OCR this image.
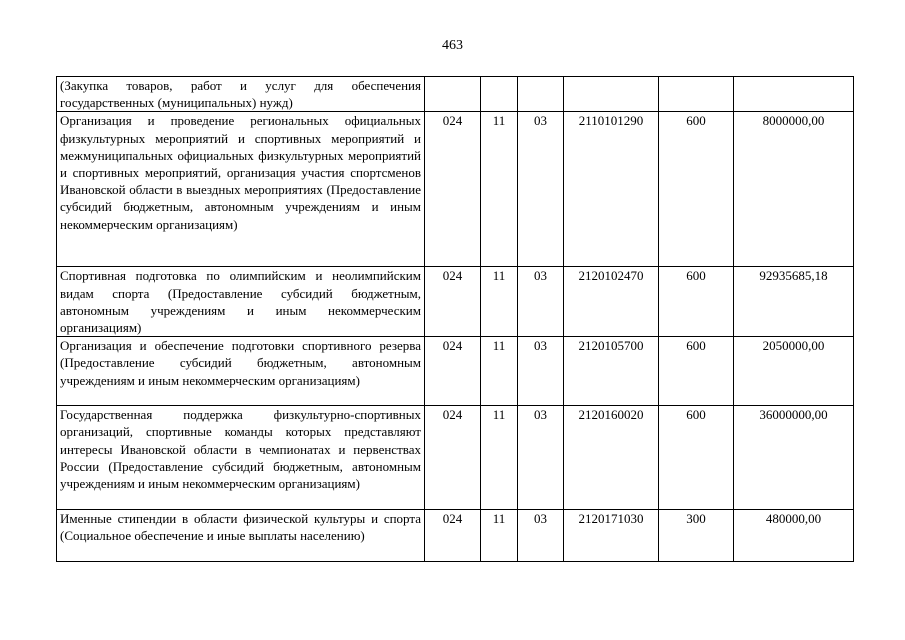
463
(Закупка товаров, работ и услуг для обеспечения государственных (муниципальных) нужд)						
Организация и проведение региональных официальных физкультурных мероприятий и спортивных мероприятий и межмуниципальных официальных физкультурных мероприятий и спортивных мероприятий, организация участия спортсменов Ивановской области в выездных мероприятиях (Предоставление субсидий бюджетным, автономным учреждениям и иным некоммерческим организациям)	024	11	03	2110101290	600	8000000,00
Спортивная подготовка по олимпийским и неолимпийским видам спорта (Предоставление субсидий бюджетным, автономным учреждениям и иным некоммерческим организациям)	024	11	03	2120102470	600	92935685,18
Организация и обеспечение подготовки спортивного резерва (Предоставление субсидий бюджетным, автономным учреждениям и иным некоммерческим организациям)	024	11	03	2120105700	600	2050000,00
Государственная поддержка физкультурно-спортивных организаций, спортивные команды которых представляют интересы Ивановской области в чемпионатах и первенствах России (Предоставление субсидий бюджетным, автономным учреждениям и иным некоммерческим организациям)	024	11	03	2120160020	600	36000000,00
Именные стипендии в области физической культуры и спорта (Социальное обеспечение и иные выплаты населению)	024	11	03	2120171030	300	480000,00
